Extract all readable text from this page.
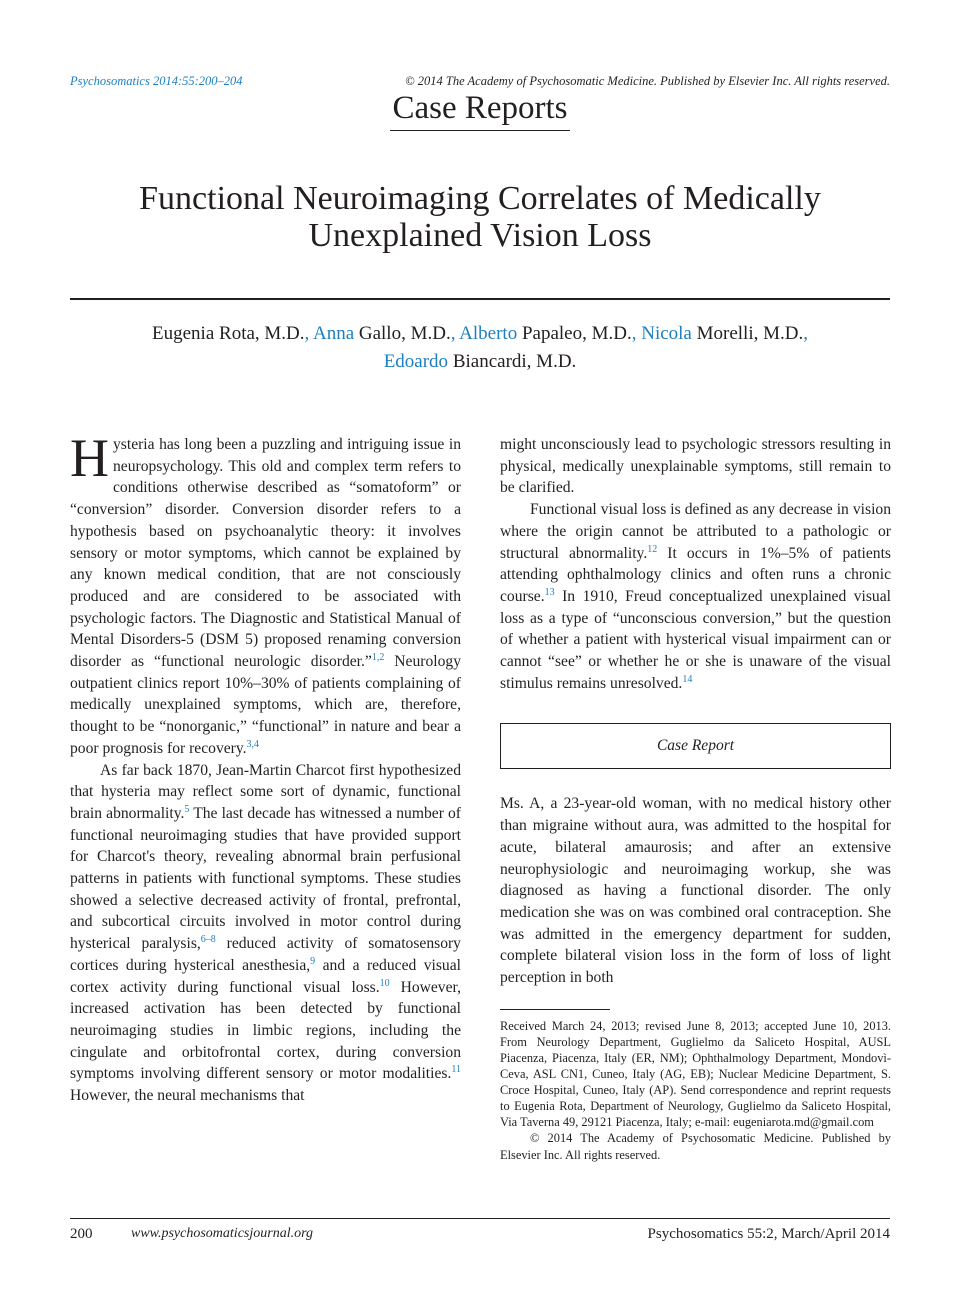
Psychosomatics 2014:55:200–204	© 2014 The Academy of Psychosomatic Medicine. Published by Elsevier Inc. All rights reserved.
Case Reports
Functional Neuroimaging Correlates of Medically Unexplained Vision Loss
Eugenia Rota, M.D., Anna Gallo, M.D., Alberto Papaleo, M.D., Nicola Morelli, M.D.,
Edoardo Biancardi, M.D.

Hysteria has long been a puzzling and intriguing issue in neuropsychology. This old and complex term refers to conditions otherwise described as “somatoform” or “conversion” disorder. Conversion disorder refers to a hypothesis based on psychoanalytic theory: it involves sensory or motor symptoms, which cannot be explained by any known medical condition, that are not consciously produced and are considered to be associated with psychologic factors. The Diagnostic and Statistical Manual of Mental Disorders-5 (DSM 5) proposed renaming conversion disorder as “functional neurologic disorder.”$^{1,2}$ Neurology outpatient clinics report 10%–30% of patients complaining of medically unexplained symptoms, which are, therefore, thought to be “nonorganic,” “functional” in nature and bear a poor prognosis for recovery.$^{3,4}$

As far back 1870, Jean-Martin Charcot first hypothesized that hysteria may reflect some sort of dynamic, functional brain abnormality.$^5$ The last decade has witnessed a number of functional neuroimaging studies that have provided support for Charcot's theory, revealing abnormal brain perfusional patterns in patients with functional symptoms. These studies showed a selective decreased activity of frontal, prefrontal, and subcortical circuits involved in motor control during hysterical paralysis,$^{6-8}$ reduced activity of somatosensory cortices during hysterical anesthesia,$^9$ and a reduced visual cortex activity during functional visual loss.$^{10}$ However, increased activation has been detected by functional neuroimaging studies in limbic regions, including the cingulate and orbitofrontal cortex, during conversion symptoms involving different sensory or motor modalities.$^{11}$ However, the neural mechanisms that

might unconsciously lead to psychologic stressors resulting in physical, medically unexplainable symptoms, still remain to be clarified.

Functional visual loss is defined as any decrease in vision where the origin cannot be attributed to a pathologic or structural abnormality.$^{12}$ It occurs in 1%–5% of patients attending ophthalmology clinics and often runs a chronic course.$^{13}$ In 1910, Freud conceptualized unexplained visual loss as a type of “unconscious conversion,” but the question of whether a patient with hysterical visual impairment can or cannot “see” or whether he or she is unaware of the visual stimulus remains unresolved.$^{14}$

Case Report

Ms. A, a 23-year-old woman, with no medical history other than migraine without aura, was admitted to the hospital for acute, bilateral amaurosis; and after an extensive neurophysiologic and neuroimaging workup, she was diagnosed as having a functional disorder. The only medication she was on was combined oral contraception. She was admitted in the emergency department for sudden, complete bilateral vision loss in the form of loss of light perception in both

Received March 24, 2013; revised June 8, 2013; accepted June 10, 2013. From Neurology Department, Guglielmo da Saliceto Hospital, AUSL Piacenza, Piacenza, Italy (ER, NM); Ophthalmology Department, Mondovì-Ceva, ASL CN1, Cuneo, Italy (AG, EB); Nuclear Medicine Department, S. Croce Hospital, Cuneo, Italy (AP). Send correspondence and reprint requests to Eugenia Rota, Department of Neurology, Guglielmo da Saliceto Hospital, Via Taverna 49, 29121 Piacenza, Italy; e-mail: eugeniarota.md@gmail.com

© 2014 The Academy of Psychosomatic Medicine. Published by Elsevier Inc. All rights reserved.

200	www.psychosomaticsjournal.org	Psychosomatics 55:2, March/April 2014
